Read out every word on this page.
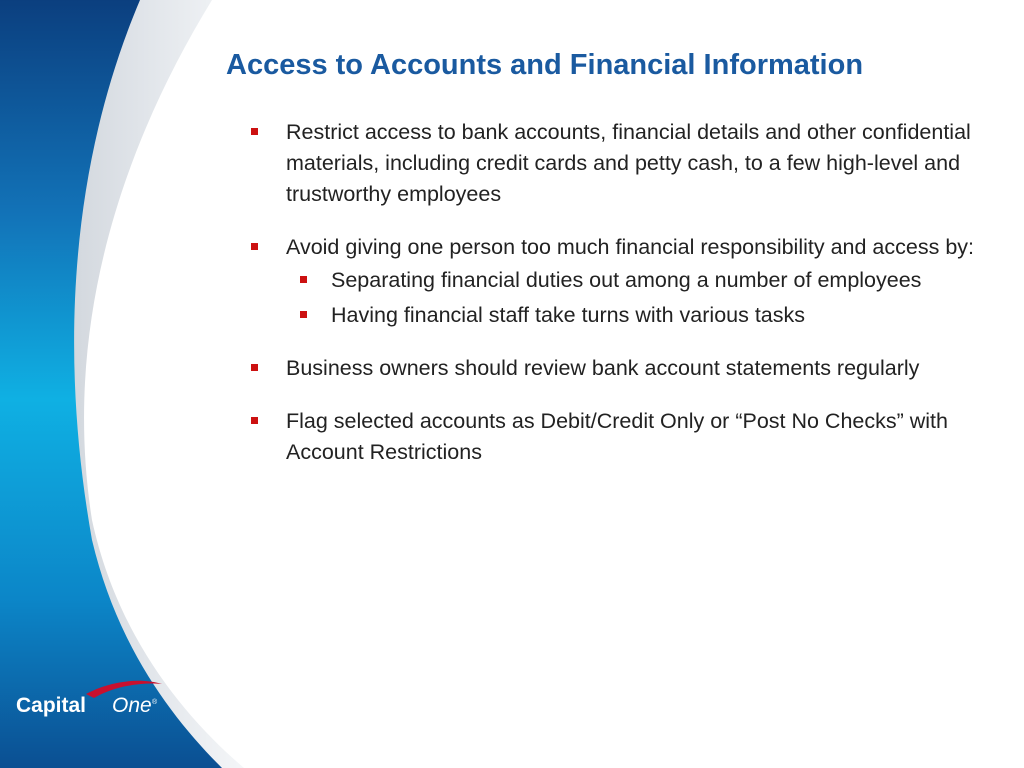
Capital One ®
Access to Accounts and Financial Information
Restrict access to bank accounts, financial details and other confidential materials, including credit cards and petty cash, to a few high-level and trustworthy employees
Avoid giving one person too much financial responsibility and access by:
Separating financial duties out among a number of employees
Having financial staff take turns with various tasks
Business owners should review bank account statements regularly
Flag selected accounts as Debit/Credit Only or “Post No Checks” with Account Restrictions
